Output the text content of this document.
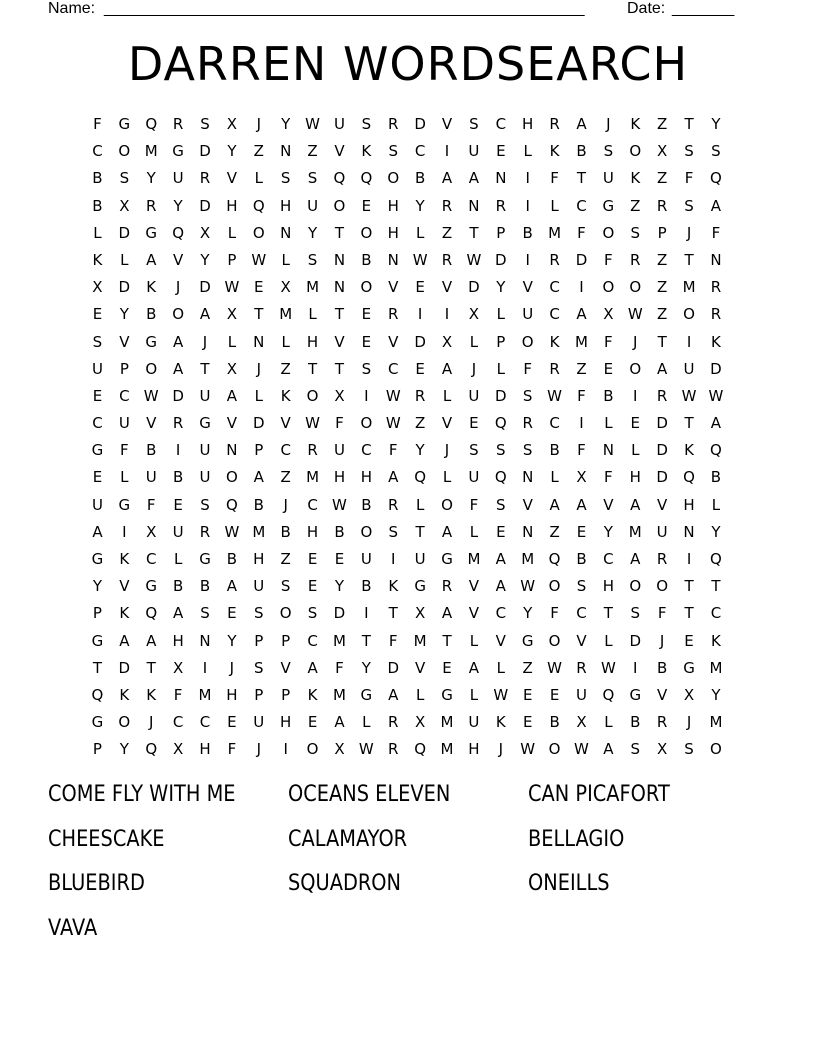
Name: ______________________________________________________	Date: _______
DARREN WORDSEARCH
F	G	Q	R	S	X	J	Y W U	S	R	D	V	S	C	H	R	A	J	K	Z	T	Y
C	O M G	D	Y	Z	N	Z	V	K	S	C	I	U	E	L	K	B	S	O	X	S	S
B	S	Y	U	R	V	L	S	S	Q	Q	O	B	A	A	N	I	F	T	U	K	Z	F	Q
B	X	R	Y	D	H	Q	H	U	O	E	H	Y	R	N	R	I	L	C	G	Z	R	S	A
L	D	G	Q	X	L	O	N	Y	T	O	H	L	Z	T	P	B	M	F	O	S	P	J	F
K	L	A	V	Y	P W	L	S	N	B	N W R W D	I	R	D	F	R	Z	T	N
X	D	K	J	D W E	X	M N	O	V	E	V	D	Y	V	C	I	O	O	Z	M	R
E	Y	B	O	A	X	T	M	L	T	E	R	I	I	X	L	U	C	A	X W Z	O	R
S	V	G	A	J	L	N	L	H	V	E	V	D	X	L	P	O	K	M	F	J	T	I	K
U	P	O	A	T	X	J	Z	T	T	S	C	E	A	J	L	F	R	Z	E	O	A	U	D
E	C W D	U	A	L	K	O	X	I	W R	L	U	D	S W	F	B	I	R W W
C	U	V	R	G	V	D	V W	F	O W Z	V	E	Q	R	C	I	L	E	D	T	A
G	F	B	I	U	N	P	C	R	U	C	F	Y	J	S	S	S	B	F	N	L	D	K	Q
E	L	U	B	U	O	A	Z	M H	H	A	Q	L	U	Q	N	L	X	F	H	D	Q	B
U	G	F	E	S	Q	B	J	C W B	R	L	O	F	S	V	A	A	V	A	V	H	L
A	I	X	U	R W M	B	H	B	O	S	T	A	L	E	N	Z	E	Y	M U	N	Y
G	K	C	L	G	B	H	Z	E	E	U	I	U	G M	A	M Q	B	C	A	R	I	Q
Y	V	G	B	B	A	U	S	E	Y	B	K	G	R	V	A W O	S	H	O	O	T	T
P	K	Q	A	S	E	S	O	S	D	I	T	X	A	V	C	Y	F	C	T	S	F	T	C
G	A	A	H	N	Y	P	P	C	M	T	F	M	T	L	V	G	O	V	L	D	J	E	K
T	D	T	X	I	J	S	V	A	F	Y	D	V	E	A	L	Z W R W	I	B	G M
Q	K	K	F	M H	P	P	K	M G	A	L	G	L	W E	E	U	Q	G	V	X	Y
G	O	J	C	C	E	U	H	E	A	L	R	X	M U	K	E	B	X	L	B	R	J	M
P	Y	Q	X	H	F	J	I	O	X W R	Q M H	J	W O W A	S	X	S	O
COME FLY WITH ME	OCEANS ELEVEN	CAN PICAFORT
CHEESCAKE	CALAMAYOR	BELLAGIO
BLUEBIRD	SQUADRON	ONEILLS
VAVA
